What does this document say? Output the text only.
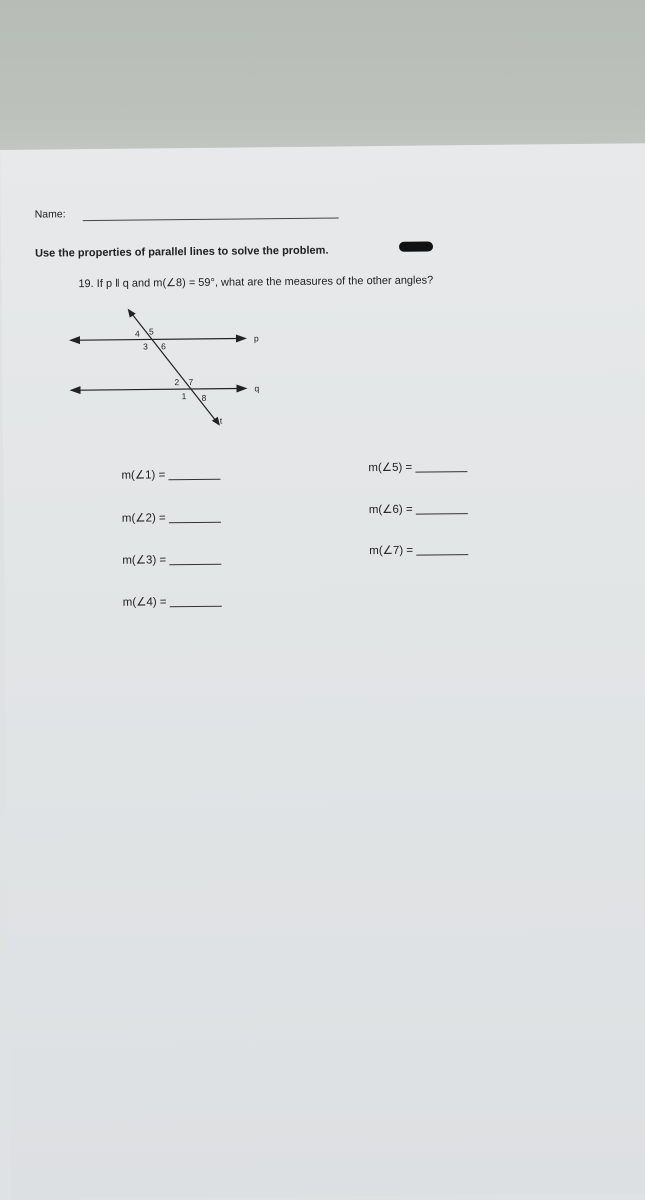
Name:
Use the properties of parallel lines to solve the problem.
19. If p ‖ q and m(∠8) = 59°, what are the measures of the other angles?
p
q
t
4 5
3 6
2 7
1 8
m(∠1) =
m(∠2) =
m(∠3) =
m(∠4) =
m(∠5) =
m(∠6) =
m(∠7) =
